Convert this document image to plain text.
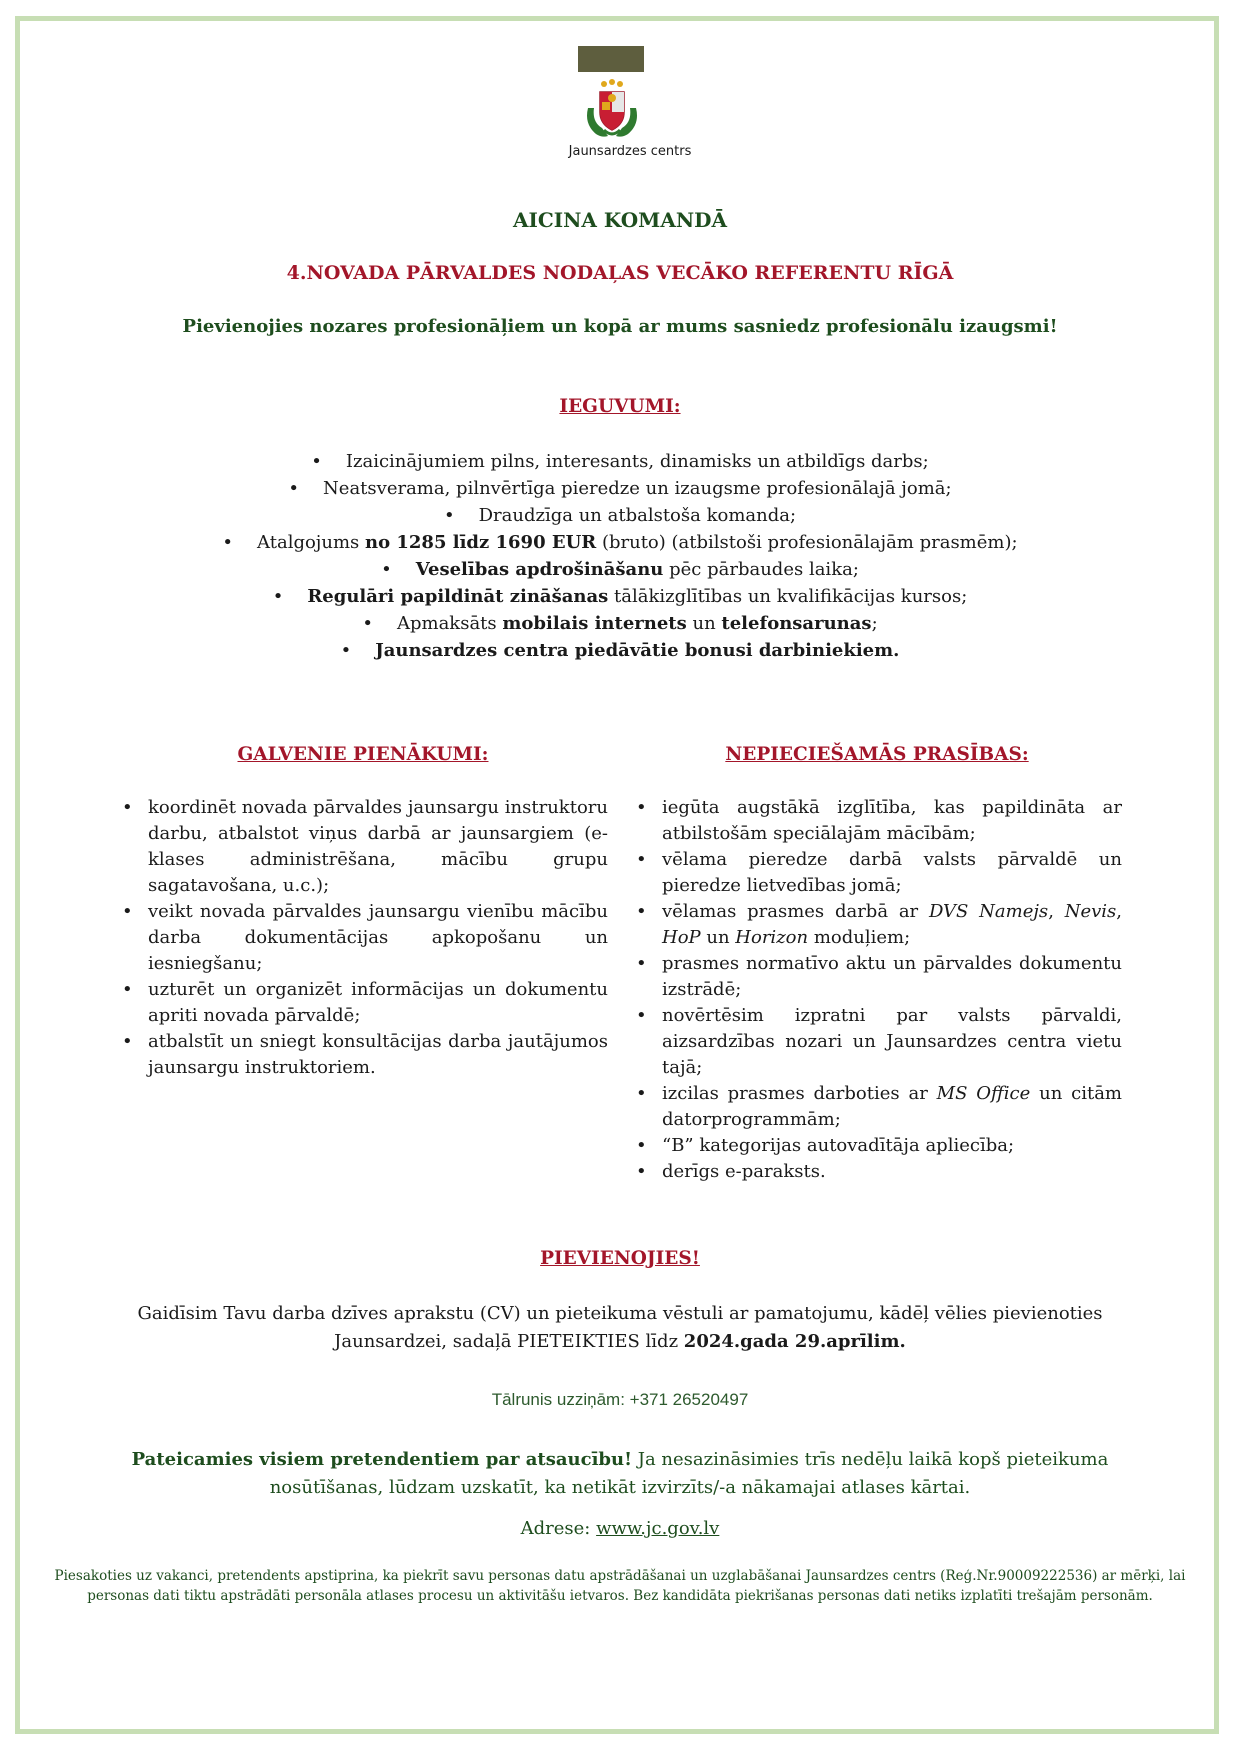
Jaunsardzes centrs
AICINA KOMANDĀ
4.NOVADA PĀRVALDES NODAĻAS VECĀKO REFERENTU RĪGĀ
Pievienojies nozares profesionāļiem un kopā ar mums sasniedz profesionālu izaugsmi!
IEGUVUMI:
• Izaicinājumiem pilns, interesants, dinamisks un atbildīgs darbs;
• Neatsverama, pilnvērtīga pieredze un izaugsme profesionālajā jomā;
• Draudzīga un atbalstoša komanda;
• Atalgojums no 1285 līdz 1690 EUR (bruto) (atbilstoši profesionālajām prasmēm);
• Veselības apdrošināšanu pēc pārbaudes laika;
• Regulāri papildināt zināšanas tālākizglītības un kvalifikācijas kursos;
• Apmaksāts mobilais internets un telefonsarunas;
• Jaunsardzes centra piedāvātie bonusi darbiniekiem.
GALVENIE PIENĀKUMI:
• koordinēt novada pārvaldes jaunsargu instruktoru darbu, atbalstot viņus darbā ar jaunsargiem (e-klases administrēšana, mācību grupu sagatavošana, u.c.);
• veikt novada pārvaldes jaunsargu vienību mācību darba dokumentācijas apkopošanu un iesniegšanu;
• uzturēt un organizēt informācijas un dokumentu apriti novada pārvaldē;
• atbalstīt un sniegt konsultācijas darba jautājumos jaunsargu instruktoriem.
NEPIECIEŠAMĀS PRASĪBAS:
• iegūta augstākā izglītība, kas papildināta ar atbilstošām speciālajām mācībām;
• vēlama pieredze darbā valsts pārvaldē un pieredze lietvedības jomā;
• vēlamas prasmes darbā ar DVS Namejs, Nevis, HoP un Horizon moduļiem;
• prasmes normatīvo aktu un pārvaldes dokumentu izstrādē;
• novērtēsim izpratni par valsts pārvaldi, aizsardzības nozari un Jaunsardzes centra vietu tajā;
• izcilas prasmes darboties ar MS Office un citām datorprogrammām;
• “B” kategorijas autovadītāja apliecība;
• derīgs e-paraksts.
PIEVIENOJIES!
Gaidīsim Tavu darba dzīves aprakstu (CV) un pieteikuma vēstuli ar pamatojumu, kādēļ vēlies pievienoties Jaunsardzei, sadaļā PIETEIKTIES līdz 2024.gada 29.aprīlim.
Tālrunis uzziņām: +371 26520497
Pateicamies visiem pretendentiem par atsaucību! Ja nesazināsimies trīs nedēļu laikā kopš pieteikuma nosūtīšanas, lūdzam uzskatīt, ka netikāt izvirzīts/-a nākamajai atlases kārtai.
Adrese: www.jc.gov.lv
Piesakoties uz vakanci, pretendents apstiprina, ka piekrīt savu personas datu apstrādāšanai un uzglabāšanai Jaunsardzes centrs (Reģ.Nr.90009222536) ar mērķi, lai personas dati tiktu apstrādāti personāla atlases procesu un aktivitāšu ietvaros. Bez kandidāta piekrišanas personas dati netiks izplatīti trešajām personām.
